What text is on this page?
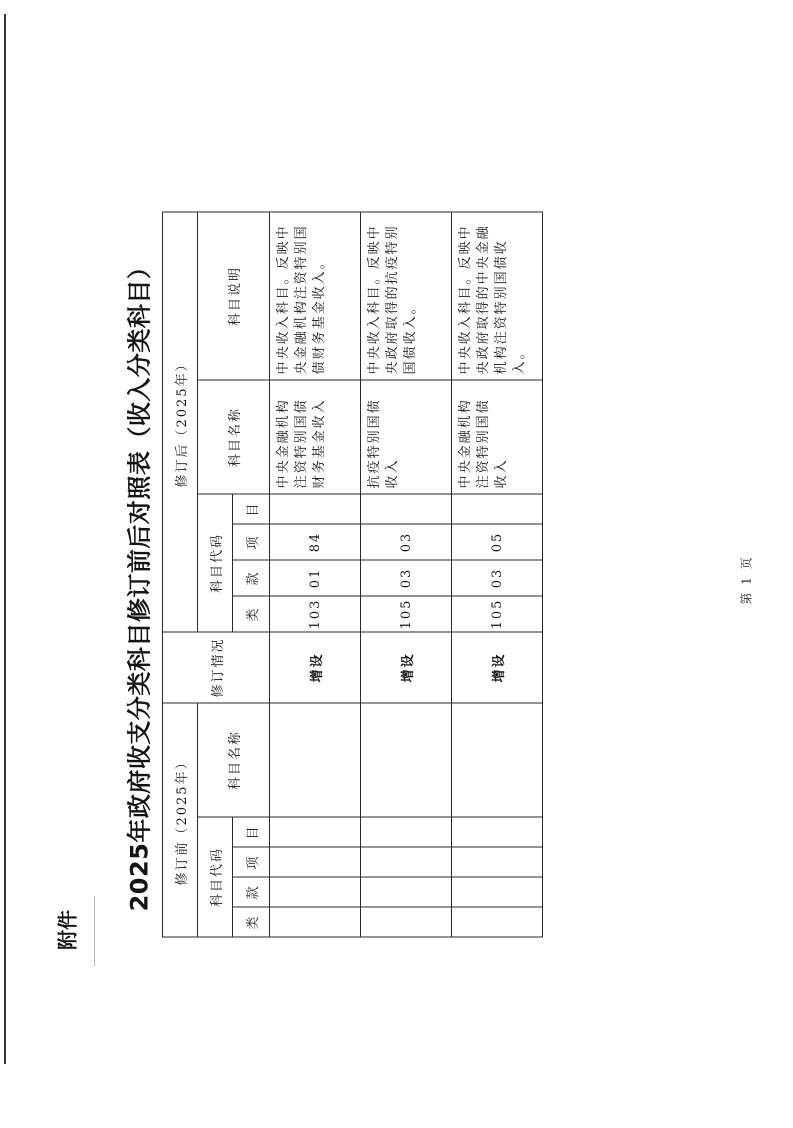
附件
2025年政府收支分类科目修订前后对照表（收入分类科目） 修订前（2025年）					修订情况	修订后（2025年）					
科目代码				科目名称		科目代码				科目名称	科目说明
类	款	项	目			类	款	项	目		
					增设	103	01	84		中央金融机构注资特别国债财务基金收入	中央收入科目。反映中央金融机构注资特别国债财务基金收入。
					增设	105	03	03		抗疫特别国债收入	中央收入科目。反映中央政府取得的抗疫特别国债收入。
					增设	105	03	05		中央金融机构注资特别国债收入	中央收入科目。反映中央政府取得的中央金融机构注资特别国债收入。
第 1 页
